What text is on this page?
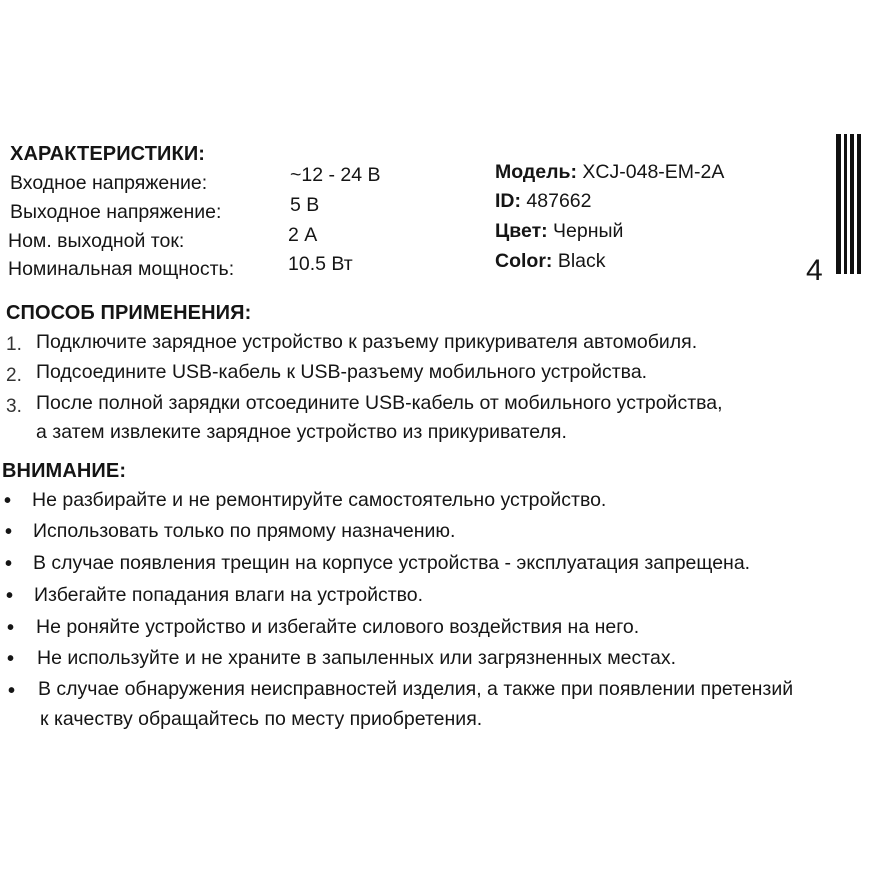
ХАРАКТЕРИСТИКИ:
Входное напряжение:	~12 - 24 В
Выходное напряжение:	5 В
Ном. выходной ток:	2 А
Номинальная мощность:	10.5 Вт
Модель: XCJ-048-EM-2A
ID: 487662
Цвет: Черный
Color: Black	4
СПОСОБ ПРИМЕНЕНИЯ:
1. Подключите зарядное устройство к разъему прикуривателя автомобиля.
2. Подсоедините USB-кабель к USB-разъему мобильного устройства.
3. После полной зарядки отсоедините USB-кабель от мобильного устройства,
а затем извлеките зарядное устройство из прикуривателя.
ВНИМАНИЕ:
•	Не разбирайте и не ремонтируйте самостоятельно устройство.
•	Использовать только по прямому назначению.
•	В случае появления трещин на корпусе устройства - эксплуатация запрещена.
•	Избегайте попадания влаги на устройство.
•	Не роняйте устройство и избегайте силового воздействия на него.
•	Не используйте и не храните в запыленных или загрязненных местах.
•	В случае обнаружения неисправностей изделия, а также при появлении претензий
к качеству обращайтесь по месту приобретения.
